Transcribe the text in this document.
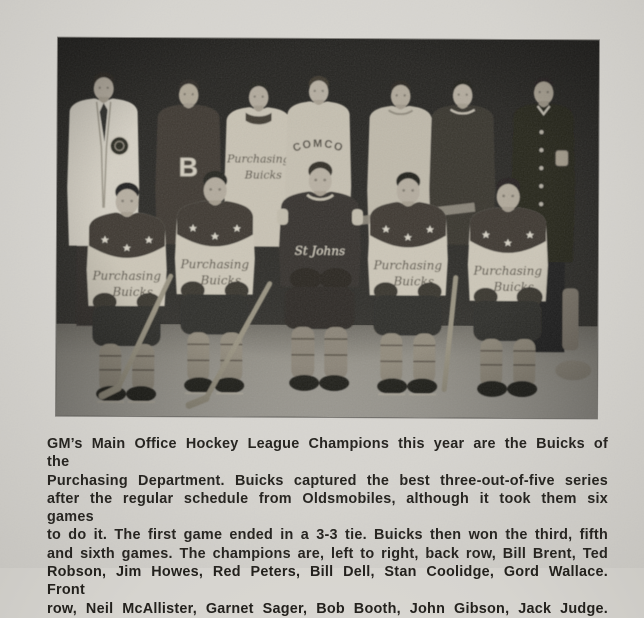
GM’s Main Office Hockey League Champions this year are the Buicks of the

Purchasing Department. Buicks captured the best three-out-of-five series

after the regular schedule from Oldsmobiles, although it took them six games

to do it. The first game ended in a 3-3 tie. Buicks then won the third, fifth

and sixth games. The champions are, left to right, back row, Bill Brent, Ted

Robson, Jim Howes, Red Peters, Bill Dell, Stan Coolidge, Gord Wallace. Front

row, Neil McAllister, Garnet Sager, Bob Booth, John Gibson, Jack Judge.
